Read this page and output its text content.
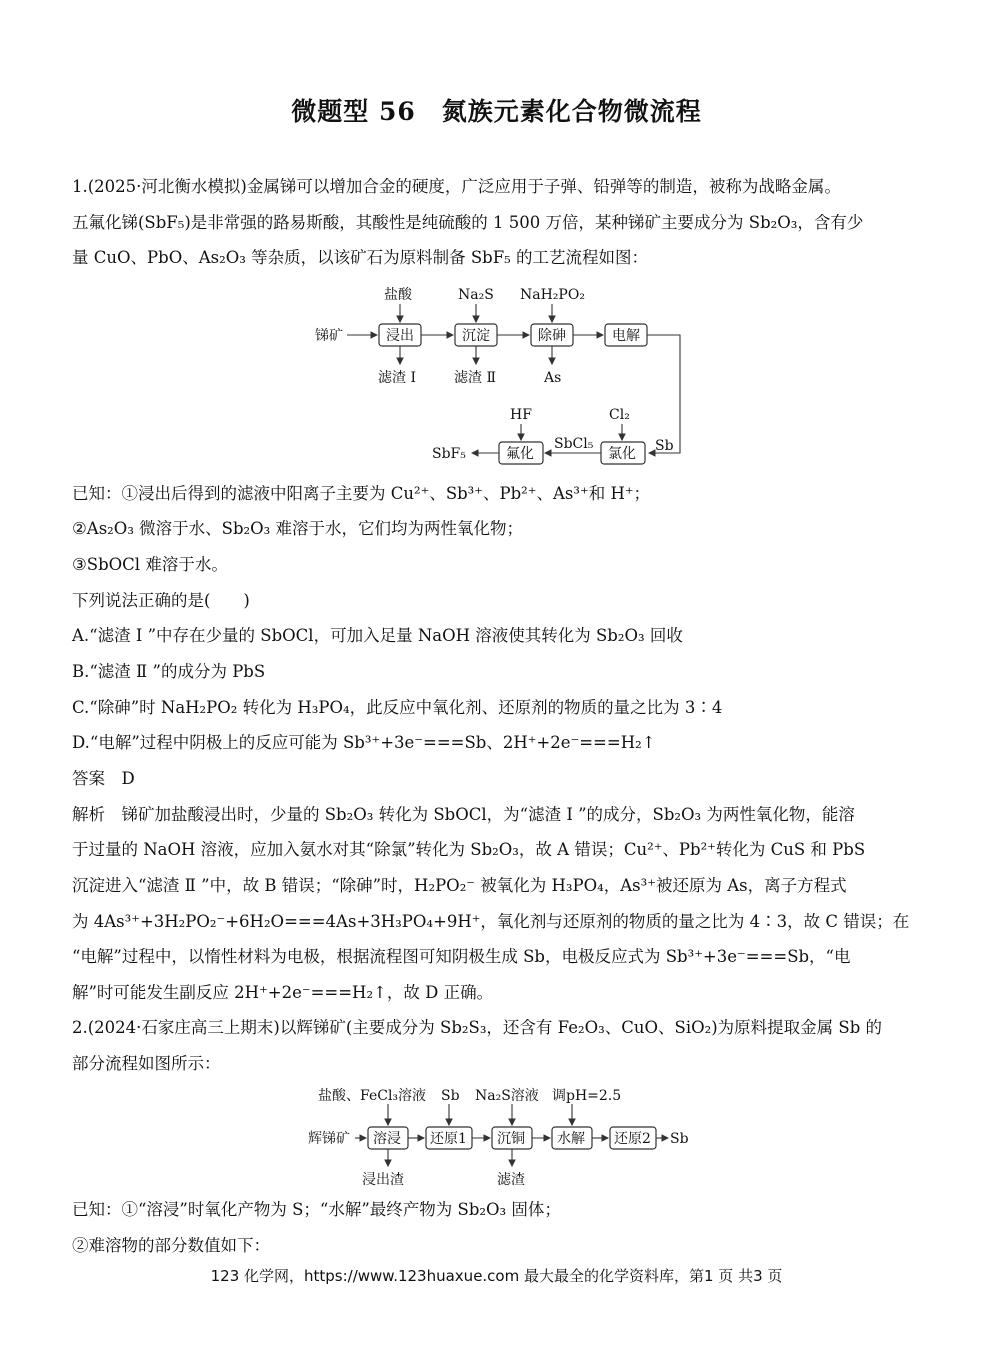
微题型 56　氮族元素化合物微流程
1.(2025·河北衡水模拟)金属锑可以增加合金的硬度，广泛应用于子弹、铅弹等的制造，被称为战略金属。
五氟化锑(SbF₅)是非常强的路易斯酸，其酸性是纯硫酸的 1 500 万倍，某种锑矿主要成分为 Sb₂O₃，含有少
量 CuO、PbO、As₂O₃ 等杂质，以该矿石为原料制备 SbF₅ 的工艺流程如图：
锑矿	浸出	沉淀	除砷	电解
盐酸	Na₂S NaH₂PO₂
滤渣 Ⅰ	滤渣 Ⅱ	As
Sb
氯化
Cl₂
SbCl₅
氟化
HF
SbF₅
已知：①浸出后得到的滤液中阳离子主要为 Cu²⁺、Sb³⁺、Pb²⁺、As³⁺和 H⁺；
②As₂O₃ 微溶于水、Sb₂O₃ 难溶于水，它们均为两性氧化物；
③SbOCl 难溶于水。
下列说法正确的是(　　)
A.“滤渣 Ⅰ ”中存在少量的 SbOCl，可加入足量 NaOH 溶液使其转化为 Sb₂O₃ 回收
B.“滤渣 Ⅱ ”的成分为 PbS
C.“除砷”时 NaH₂PO₂ 转化为 H₃PO₄，此反应中氧化剂、还原剂的物质的量之比为 3∶4
D.“电解”过程中阴极上的反应可能为 Sb³⁺+3e⁻===Sb、2H⁺+2e⁻===H₂↑
答案　D
解析　锑矿加盐酸浸出时，少量的 Sb₂O₃ 转化为 SbOCl，为“滤渣 Ⅰ ”的成分，Sb₂O₃ 为两性氧化物，能溶
于过量的 NaOH 溶液，应加入氨水对其“除氯”转化为 Sb₂O₃，故 A 错误；Cu²⁺、Pb²⁺转化为 CuS 和 PbS
沉淀进入“滤渣 Ⅱ ”中，故 B 错误；“除砷”时，H₂PO₂⁻ 被氧化为 H₃PO₄，As³⁺被还原为 As，离子方程式
为 4As³⁺+3H₂PO₂⁻+6H₂O===4As+3H₃PO₄+9H⁺，氧化剂与还原剂的物质的量之比为 4∶3，故 C 错误；在
“电解”过程中，以惰性材料为电极，根据流程图可知阴极生成 Sb，电极反应式为 Sb³⁺+3e⁻===Sb，“电
解”时可能发生副反应 2H⁺+2e⁻===H₂↑，故 D 正确。
2.(2024·石家庄高三上期末)以辉锑矿(主要成分为 Sb₂S₃，还含有 Fe₂O₃、CuO、SiO₂)为原料提取金属 Sb 的
部分流程如图所示：
辉锑矿 溶浸 还原1 沉铜 水解 还原2 Sb
盐酸、FeCl₃溶液 Sb Na₂S溶液 调pH=2.5
浸出渣	滤渣
已知：①“溶浸”时氧化产物为 S；“水解”最终产物为 Sb₂O₃ 固体；
②难溶物的部分数值如下：
123 化学网，https://www.123huaxue.com 最大最全的化学资料库，第1 页 共3 页
